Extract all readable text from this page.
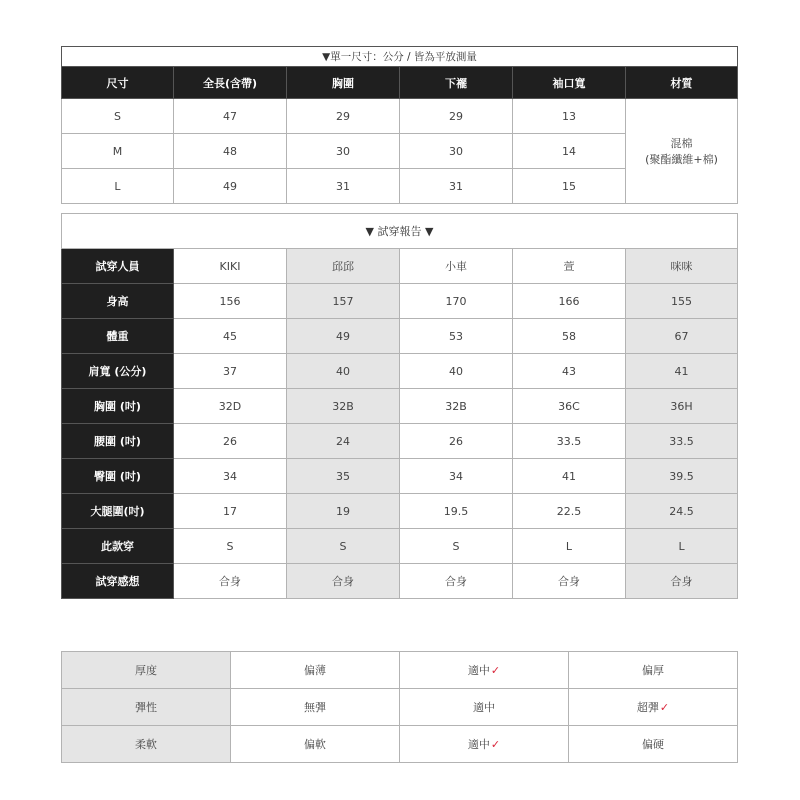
▼單一尺寸：公分 / 皆為平放測量					
尺寸	全長(含帶)	胸圍	下襬	袖口寬	材質
S	47	29	29	13	混棉
(聚酯纖維+棉)

M	48	30	30	14	
L	49	31	31	15	
▼ 試穿報告 ▼					
試穿人員	KIKI	邱邱	小車	萱	咪咪
身高	156	157	170	166	155
體重	45	49	53	58	67
肩寬 (公分)	37	40	40	43	41
胸圍 (吋)	32D	32B	32B	36C	36H
腰圍 (吋)	26	24	26	33.5	33.5
臀圍 (吋)	34	35	34	41	39.5
大腿圍(吋)	17	19	19.5	22.5	24.5
此款穿	S	S	S	L	L
試穿感想	合身	合身	合身	合身	合身
厚度	偏薄	適中✓	偏厚
彈性	無彈	適中	超彈✓
柔軟	偏軟	適中✓	偏硬
